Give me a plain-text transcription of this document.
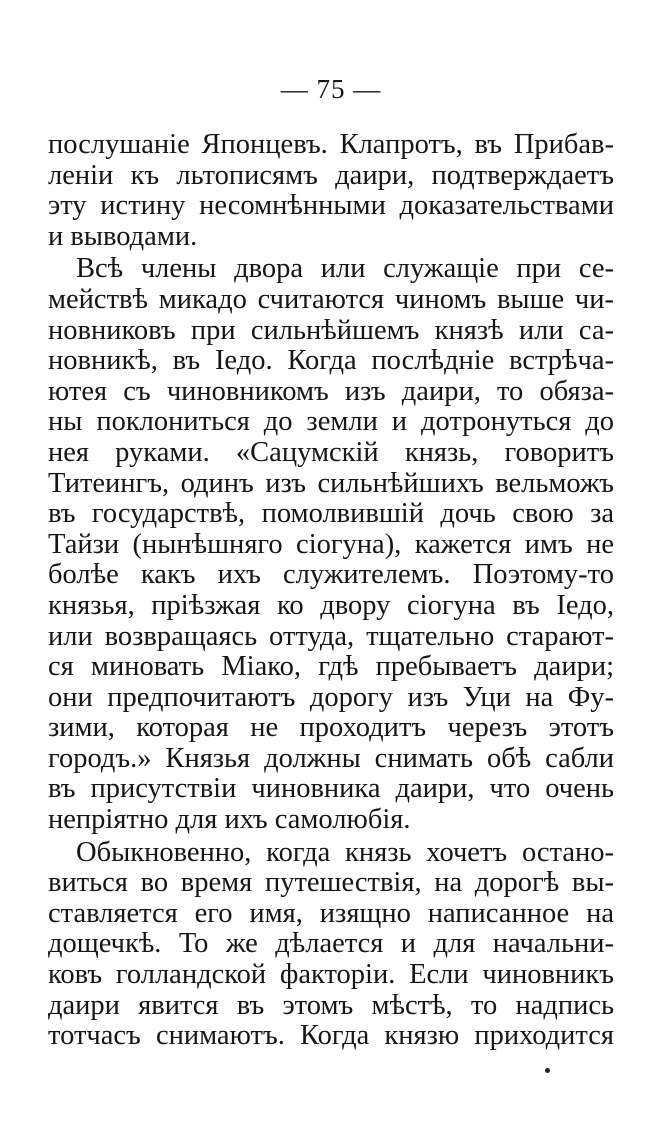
— 75 —
послушаніе Японцевъ. Клапротъ, въ Прибав-
леніи къ льтописямъ даири, подтверждаетъ
эту истину несомнѣнными доказательствами
и выводами.
Всѣ члены двора или служащіе при се-
мействѣ микадо считаются чиномъ выше чи-
новниковъ при сильнѣйшемъ князѣ или са-
новникѣ, въ Іедо. Когда послѣдніе встрѣча-
ютея съ чиновникомъ изъ даири, то обяза-
ны поклониться до земли и дотронуться до
нея руками. «Сацумскій князь, говоритъ
Титеингъ, одинъ изъ сильнѣйшихъ вельможъ
въ государствѣ, помолвившій дочь свою за
Тайзи (нынѣшняго сіогуна), кажется имъ не
болѣе какъ ихъ служителемъ. Поэтому-то
князья, пріѣзжая ко двору сіогуна въ Іедо,
или возвращаясь оттуда, тщательно старают-
ся миновать Міако, гдѣ пребываетъ даири;
они предпочитаютъ дорогу изъ Уци на Фу-
зими, которая не проходитъ черезъ этотъ
городъ.» Князья должны снимать обѣ сабли
въ присутствіи чиновника даири, что очень
непріятно для ихъ самолюбія.
Обыкновенно, когда князь хочетъ остано-
виться во время путешествія, на дорогѣ вы-
ставляется его имя, изящно написанное на
дощечкѣ. То же дѣлается и для начальни-
ковъ голландской факторіи. Если чиновникъ
даири явится въ этомъ мѣстѣ, то надпись
тотчасъ снимаютъ. Когда князю приходится
